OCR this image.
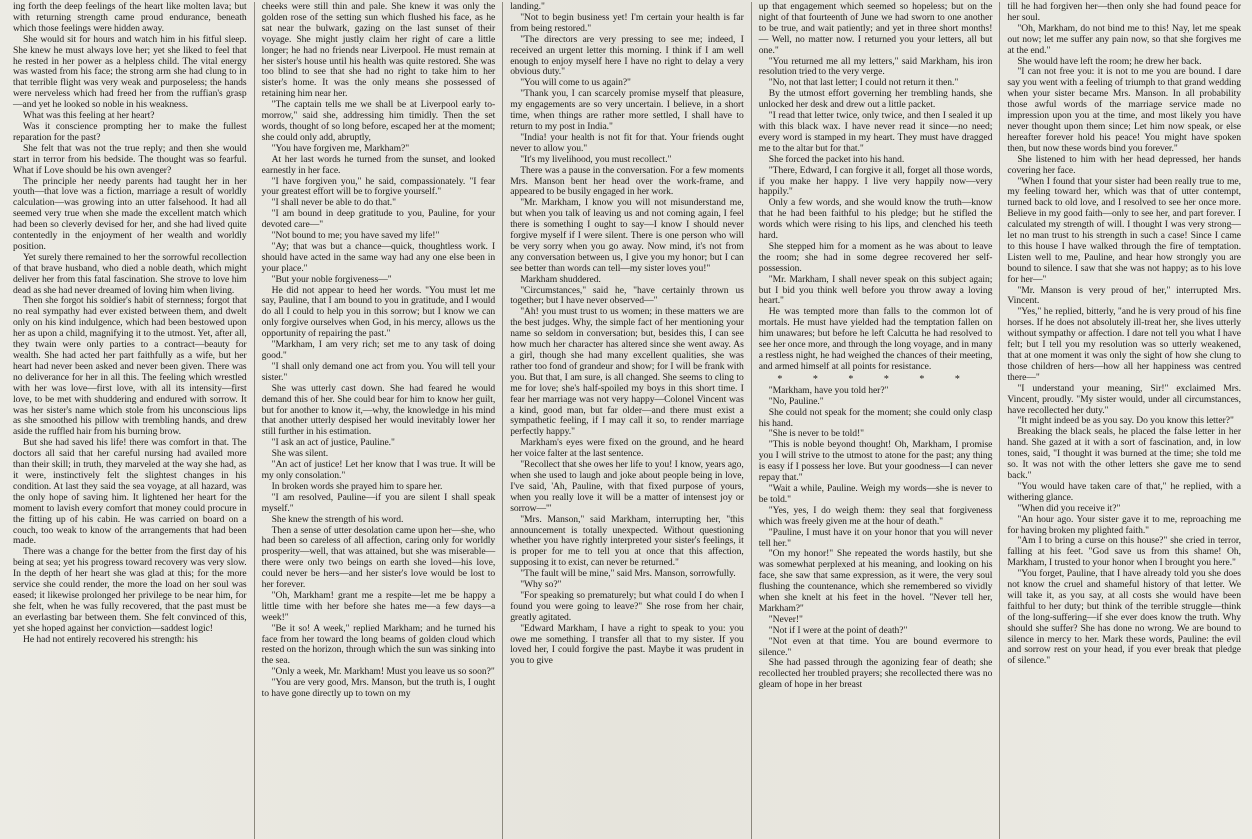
ing forth the deep feelings of the heart like molten lava; but with returning strength came proud endurance, beneath which those feelings were hidden away.

She would sit for hours and watch him in his fitful sleep. She knew he must always love her; yet she liked to feel that he rested in her power as a helpless child. The vital energy was wasted from his face; the strong arm she had clung to in that terrible flight was very weak and purposeless; the hands were nerveless which had freed her from the ruffian's grasp—and yet he looked so noble in his weakness.

What was this feeling at her heart?

Was it conscience prompting her to make the fullest reparation for the past?

She felt that was not the true reply; and then she would start in terror from his bedside. The thought was so fearful. What if Love should be his own avenger?

The principle her needy parents had taught her in her youth—that love was a fiction, marriage a result of worldly calculation—was growing into an utter falsehood. It had all seemed very true when she made the excellent match which had been so cleverly devised for her, and she had lived quite contentedly in the enjoyment of her wealth and worldly position.

Yet surely there remained to her the sorrowful recollection of that brave husband, who died a noble death, which might deliver her from this fatal fascination. She strove to love him dead as she had never dreamed of loving him when living.

Then she forgot his soldier's habit of sternness; forgot that no real sympathy had ever existed between them, and dwelt only on his kind indulgence, which had been bestowed upon her as upon a child, magnifying it to the utmost. Yet, after all, they twain were only parties to a contract—beauty for wealth. She had acted her part faithfully as a wife, but her heart had never been asked and never been given. There was no deliverance for her in all this. The feeling which wrestled with her was love—first love, with all its intensity—first love, to be met with shuddering and endured with sorrow. It was her sister's name which stole from his unconscious lips as she smoothed his pillow with trembling hands, and drew aside the ruffled hair from his burning brow.

But she had saved his life! there was comfort in that. The doctors all said that her careful nursing had availed more than their skill; in truth, they marveled at the way she had, as it were, instinctively felt the slightest changes in his condition. At last they said the sea voyage, at all hazard, was the only hope of saving him. It lightened her heart for the moment to lavish every comfort that money could procure in the fitting up of his cabin. He was carried on board on a couch, too weak to know of the arrangements that had been made.

There was a change for the better from the first day of his being at sea; yet his progress toward recovery was very slow. In the depth of her heart she was glad at this; for the more service she could render, the more the load on her soul was eased; it likewise prolonged her privilege to be near him, for she felt, when he was fully recovered, that the past must be an everlasting bar between them. She felt convinced of this, yet she hoped against her conviction—saddest logic!

He had not entirely recovered his strength: his

cheeks were still thin and pale. She knew it was only the golden rose of the setting sun which flushed his face, as he sat near the bulwark, gazing on the last sunset of their voyage. She might justly claim her right of care a little longer; he had no friends near Liverpool. He must remain at her sister's house until his health was quite restored. She was too blind to see that she had no right to take him to her sister's home. It was the only means she possessed of retaining him near her.

"The captain tells me we shall be at Liverpool early to-morrow," said she, addressing him timidly. Then the set words, thought of so long before, escaped her at the moment; she could only add, abruptly,

"You have forgiven me, Markham?"

At her last words he turned from the sunset, and looked earnestly in her face.

"I have forgiven you," he said, compassionately. "I fear your greatest effort will be to forgive yourself."

"I shall never be able to do that."

"I am bound in deep gratitude to you, Pauline, for your devoted care—"

"Not bound to me; you have saved my life!"

"Ay; that was but a chance—quick, thoughtless work. I should have acted in the same way had any one else been in your place."

"But your noble forgiveness—"

He did not appear to heed her words. "You must let me say, Pauline, that I am bound to you in gratitude, and I would do all I could to help you in this sorrow; but I know we can only forgive ourselves when God, in his mercy, allows us the opportunity of repairing the past."

"Markham, I am very rich; set me to any task of doing good."

"I shall only demand one act from you. You will tell your sister."

She was utterly cast down. She had feared he would demand this of her. She could bear for him to know her guilt, but for another to know it,—why, the knowledge in his mind that another utterly despised her would inevitably lower her still further in his estimation.

"I ask an act of justice, Pauline."

She was silent.

"An act of justice! Let her know that I was true. It will be my only consolation."

In broken words she prayed him to spare her.

"I am resolved, Pauline—if you are silent I shall speak myself."

She knew the strength of his word.

Then a sense of utter desolation came upon her—she, who had been so careless of all affection, caring only for worldly prosperity—well, that was attained, but she was miserable—there were only two beings on earth she loved—his love, could never be hers—and her sister's love would be lost to her forever.

"Oh, Markham! grant me a respite—let me be happy a little time with her before she hates me—a few days—a week!"

"Be it so! A week," replied Markham; and he turned his face from her toward the long beams of golden cloud which rested on the horizon, through which the sun was sinking into the sea.

"Only a week, Mr. Markham! Must you leave us so soon?"

"You are very good, Mrs. Manson, but the truth is, I ought to have gone directly up to town on my

landing."

"Not to begin business yet! I'm certain your health is far from being restored."

"The directors are very pressing to see me; indeed, I received an urgent letter this morning. I think if I am well enough to enjoy myself here I have no right to delay a very obvious duty."

"You will come to us again?"

"Thank you, I can scarcely promise myself that pleasure, my engagements are so very uncertain. I believe, in a short time, when things are rather more settled, I shall have to return to my post in India."

"India! your health is not fit for that. Your friends ought never to allow you."

"It's my livelihood, you must recollect."

There was a pause in the conversation. For a few moments Mrs. Manson bent her head over the work-frame, and appeared to be busily engaged in her work.

"Mr. Markham, I know you will not misunderstand me, but when you talk of leaving us and not coming again, I feel there is something I ought to say—I know I should never forgive myself if I were silent. There is one person who will be very sorry when you go away. Now mind, it's not from any conversation between us, I give you my honor; but I can see better than words can tell—my sister loves you!"

Markham shuddered.

"Circumstances," said he, "have certainly thrown us together; but I have never observed—"

"Ah! you must trust to us women; in these matters we are the best judges. Why, the simple fact of her mentioning your name so seldom in conversation; but, besides this, I can see how much her character has altered since she went away. As a girl, though she had many excellent qualities, she was rather too fond of grandeur and show; for I will be frank with you. But that, I am sure, is all changed. She seems to cling to me for love; she's half-spoiled my boys in this short time. I fear her marriage was not very happy—Colonel Vincent was a kind, good man, but far older—and there must exist a sympathetic feeling, if I may call it so, to render marriage perfectly happy."

Markham's eyes were fixed on the ground, and he heard her voice falter at the last sentence.

"Recollect that she owes her life to you! I know, years ago, when she used to laugh and joke about people being in love, I've said, 'Ah, Pauline, with that fixed purpose of yours, when you really love it will be a matter of intensest joy or sorrow—'"

"Mrs. Manson," said Markham, interrupting her, "this announcement is totally unexpected. Without questioning whether you have rightly interpreted your sister's feelings, it is proper for me to tell you at once that this affection, supposing it to exist, can never be returned."

"The fault will be mine," said Mrs. Manson, sorrowfully.

"Why so?"

"For speaking so prematurely; but what could I do when I found you were going to leave?" She rose from her chair, greatly agitated.

"Edward Markham, I have a right to speak to you: you owe me something. I transfer all that to my sister. If you loved her, I could forgive the past. Maybe it was prudent in you to give

up that engagement which seemed so hopeless; but on the night of that fourteenth of June we had sworn to one another to be true, and wait patiently; and yet in three short months!— Well, no matter now. I returned you your letters, all but one."

"You returned me all my letters," said Markham, his iron resolution tried to the very verge.

"No, not that last letter; I could not return it then."

By the utmost effort governing her trembling hands, she unlocked her desk and drew out a little packet.

"I read that letter twice, only twice, and then I sealed it up with this black wax. I have never read it since—no need; every word is stamped in my heart. They must have dragged me to the altar but for that."

She forced the packet into his hand.

"There, Edward, I can forgive it all, forget all those words, if you make her happy. I live very happily now—very happily."

Only a few words, and she would know the truth—know that he had been faithful to his pledge; but he stifled the words which were rising to his lips, and clenched his teeth hard.

She stepped him for a moment as he was about to leave the room; she had in some degree recovered her self-possession.

"Mr. Markham, I shall never speak on this subject again; but I bid you think well before you throw away a loving heart."

He was tempted more than falls to the common lot of mortals. He must have yielded had the temptation fallen on him unawares; but before he left Calcutta he had resolved to see her once more, and through the long voyage, and in many a restless night, he had weighed the chances of their meeting, and armed himself at all points for resistance.

* * * * * *

"Markham, have you told her?"

"No, Pauline."

She could not speak for the moment; she could only clasp his hand.

"She is never to be told!"

"This is noble beyond thought! Oh, Markham, I promise you I will strive to the utmost to atone for the past; any thing is easy if I possess her love. But your goodness—I can never repay that."

"Wait a while, Pauline. Weigh my words—she is never to be told."

"Yes, yes, I do weigh them: they seal that forgiveness which was freely given me at the hour of death."

"Pauline, I must have it on your honor that you will never tell her."

"On my honor!" She repeated the words hastily, but she was somewhat perplexed at his meaning, and looking on his face, she saw that same expression, as it were, the very soul flushing the countenance, which she remembered so vividly when she knelt at his feet in the hovel. "Never tell her, Markham?"

"Never!"

"Not if I were at the point of death?"

"Not even at that time. You are bound evermore to silence."

She had passed through the agonizing fear of death; she recollected her troubled prayers; she recollected there was no gleam of hope in her breast

till he had forgiven her—then only she had found peace for her soul.

"Oh, Markham, do not bind me to this! Nay, let me speak out now; let me suffer any pain now, so that she forgives me at the end."

She would have left the room; he drew her back.

"I can not free you: it is not to me you are bound. I dare say you went with a feeling of triumph to that grand wedding when your sister became Mrs. Manson. In all probability those awful words of the marriage service made no impression upon you at the time, and most likely you have never thought upon them since; Let him now speak, or else hereafter forever hold his peace! You might have spoken then, but now these words bind you forever."

She listened to him with her head depressed, her hands covering her face.

"When I found that your sister had been really true to me, my feeling toward her, which was that of utter contempt, turned back to old love, and I resolved to see her once more. Believe in my good faith—only to see her, and part forever. I calculated my strength of will. I thought I was very strong—let no man trust to his strength in such a case! Since I came to this house I have walked through the fire of temptation. Listen well to me, Pauline, and hear how strongly you are bound to silence. I saw that she was not happy; as to his love for her—"

"Mr. Manson is very proud of her," interrupted Mrs. Vincent.

"Yes," he replied, bitterly, "and he is very proud of his fine horses. If he does not absolutely ill-treat her, she lives utterly without sympathy or affection. I dare not tell you what I have felt; but I tell you my resolution was so utterly weakened, that at one moment it was only the sight of how she clung to those children of hers—how all her happiness was centred there—"

"I understand your meaning, Sir!" exclaimed Mrs. Vincent, proudly. "My sister would, under all circumstances, have recollected her duty."

"It might indeed be as you say. Do you know this letter?"

Breaking the black seals, he placed the false letter in her hand. She gazed at it with a sort of fascination, and, in low tones, said, "I thought it was burned at the time; she told me so. It was not with the other letters she gave me to send back."

"You would have taken care of that," he replied, with a withering glance.

"When did you receive it?"

"An hour ago. Your sister gave it to me, reproaching me for having broken my plighted faith."

"Am I to bring a curse on this house?" she cried in terror, falling at his feet. "God save us from this shame! Oh, Markham, I trusted to your honor when I brought you here."

"You forget, Pauline, that I have already told you she does not know the cruel and shameful history of that letter. We will take it, as you say, at all costs she would have been faithful to her duty; but think of the terrible struggle—think of the long-suffering—if she ever does know the truth. Why should she suffer? She has done no wrong. We are bound to silence in mercy to her. Mark these words, Pauline: the evil and sorrow rest on your head, if you ever break that pledge of silence."
